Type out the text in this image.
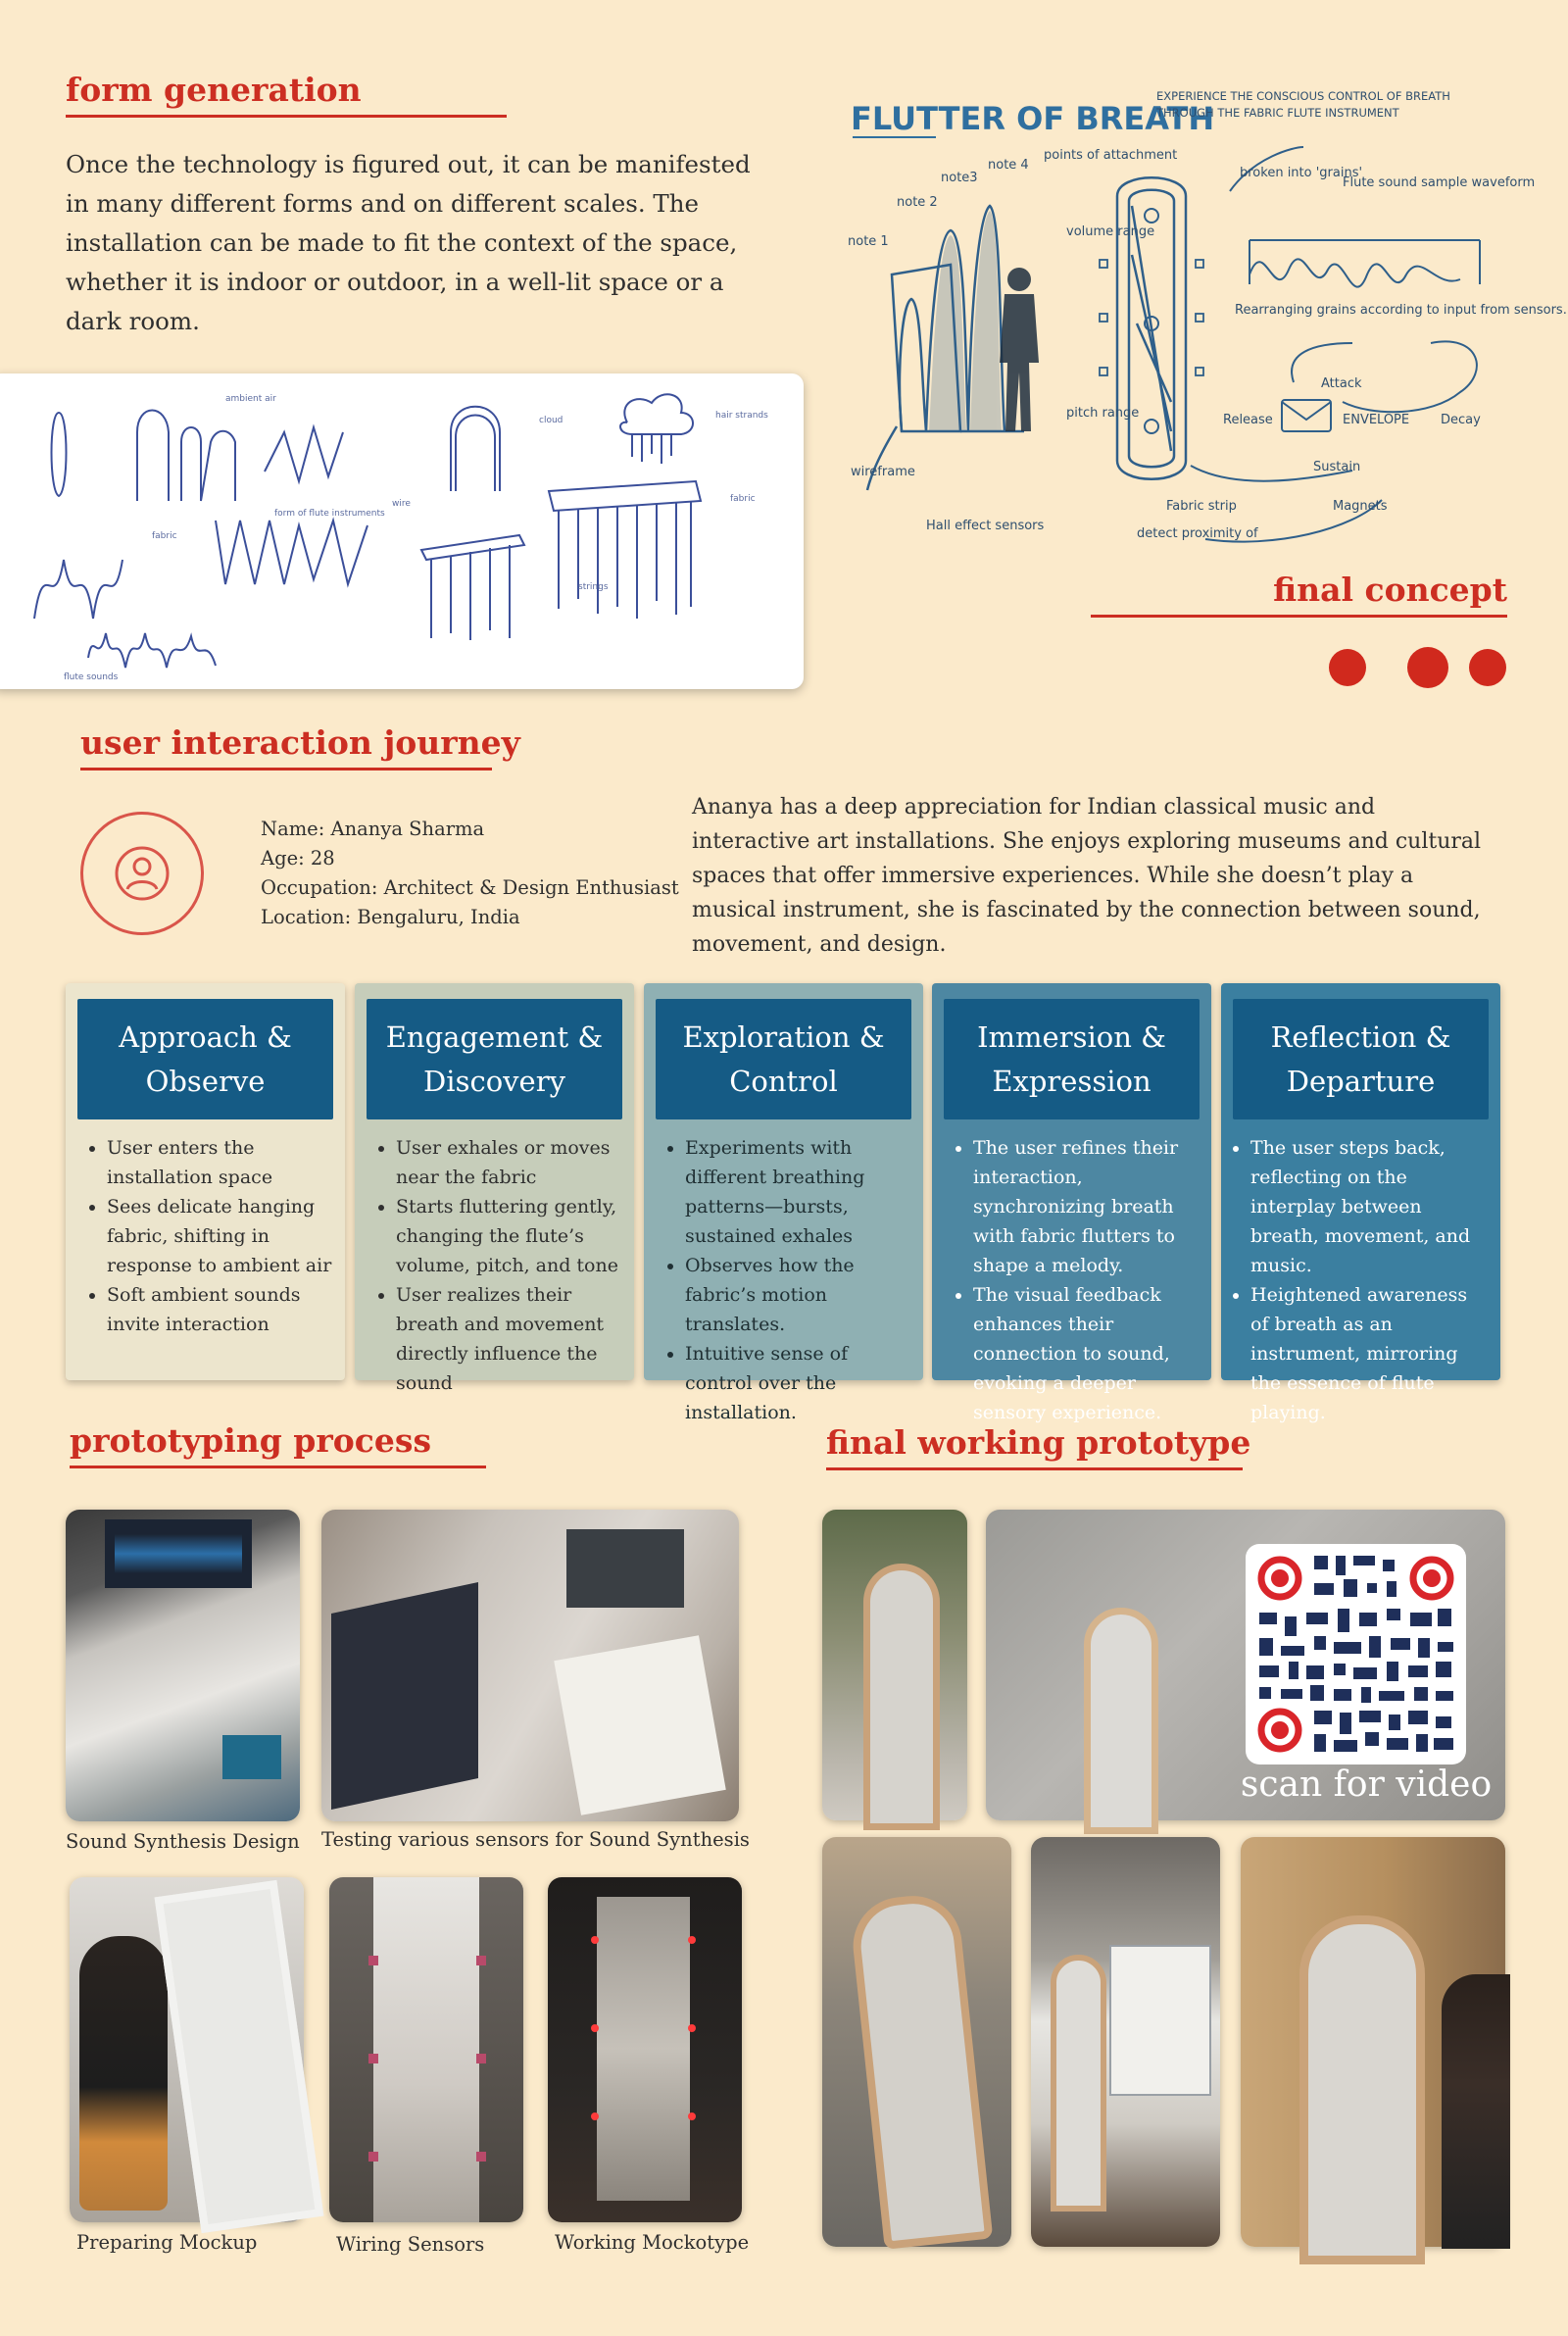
form generation
Once the technology is figured out, it can be manifested in many different forms and on different scales. The installation can be made to fit the context of the space, whether it is indoor or outdoor, in a well-lit space or a dark room.
ambient air
form of flute instruments
cloud	hair strands
fabric
fabric
wire
strings
flute sounds
FLUTTER OF BREATH
EXPERIENCE THE CONSCIOUS CONTROL OF BREATH THROUGH THE FABRIC FLUTE INSTRUMENT
note 1
note 2
note3
note 4
points of attachment
broken into 'grains'
Flute sound sample waveform
Rearranging grains according to input from sensors.
Attack
ENVELOPE Decay
Release
Sustain
volume range
pitch range
wireframe
Hall effect sensors
Fabric strip
detect proximity of
Magnets
final concept
user interaction journey
Name: Ananya Sharma
Age: 28
Occupation: Architect & Design Enthusiast
Location: Bengaluru, India
Ananya has a deep appreciation for Indian classical music and interactive art installations. She enjoys exploring museums and cultural spaces that offer immersive experiences. While she doesn’t play a musical instrument, she is fascinated by the connection between sound, movement, and design.
Approach & Observe
• User enters the installation space
• Sees delicate hanging fabric, shifting in response to ambient air
• Soft ambient sounds invite interaction
Engagement & Discovery
• User exhales or moves near the fabric
• Starts fluttering gently, changing the flute’s volume, pitch, and tone
• User realizes their breath and movement directly influence the sound
Exploration & Control
• Experiments with different breathing patterns—bursts, sustained exhales
• Observes how the fabric’s motion translates.
• Intuitive sense of control over the installation.
Immersion & Expression
• The user refines their interaction, synchronizing breath with fabric flutters to shape a melody.
• The visual feedback enhances their connection to sound, evoking a deeper sensory experience.
Reflection & Departure
• The user steps back, reflecting on the interplay between breath, movement, and music.
• Heightened awareness of breath as an instrument, mirroring the essence of flute playing.
prototyping process
Sound Synthesis Design Testing various sensors for Sound Synthesis
Preparing Mockup	Wiring Sensors	Working Mockotype
final working prototype
scan for video
